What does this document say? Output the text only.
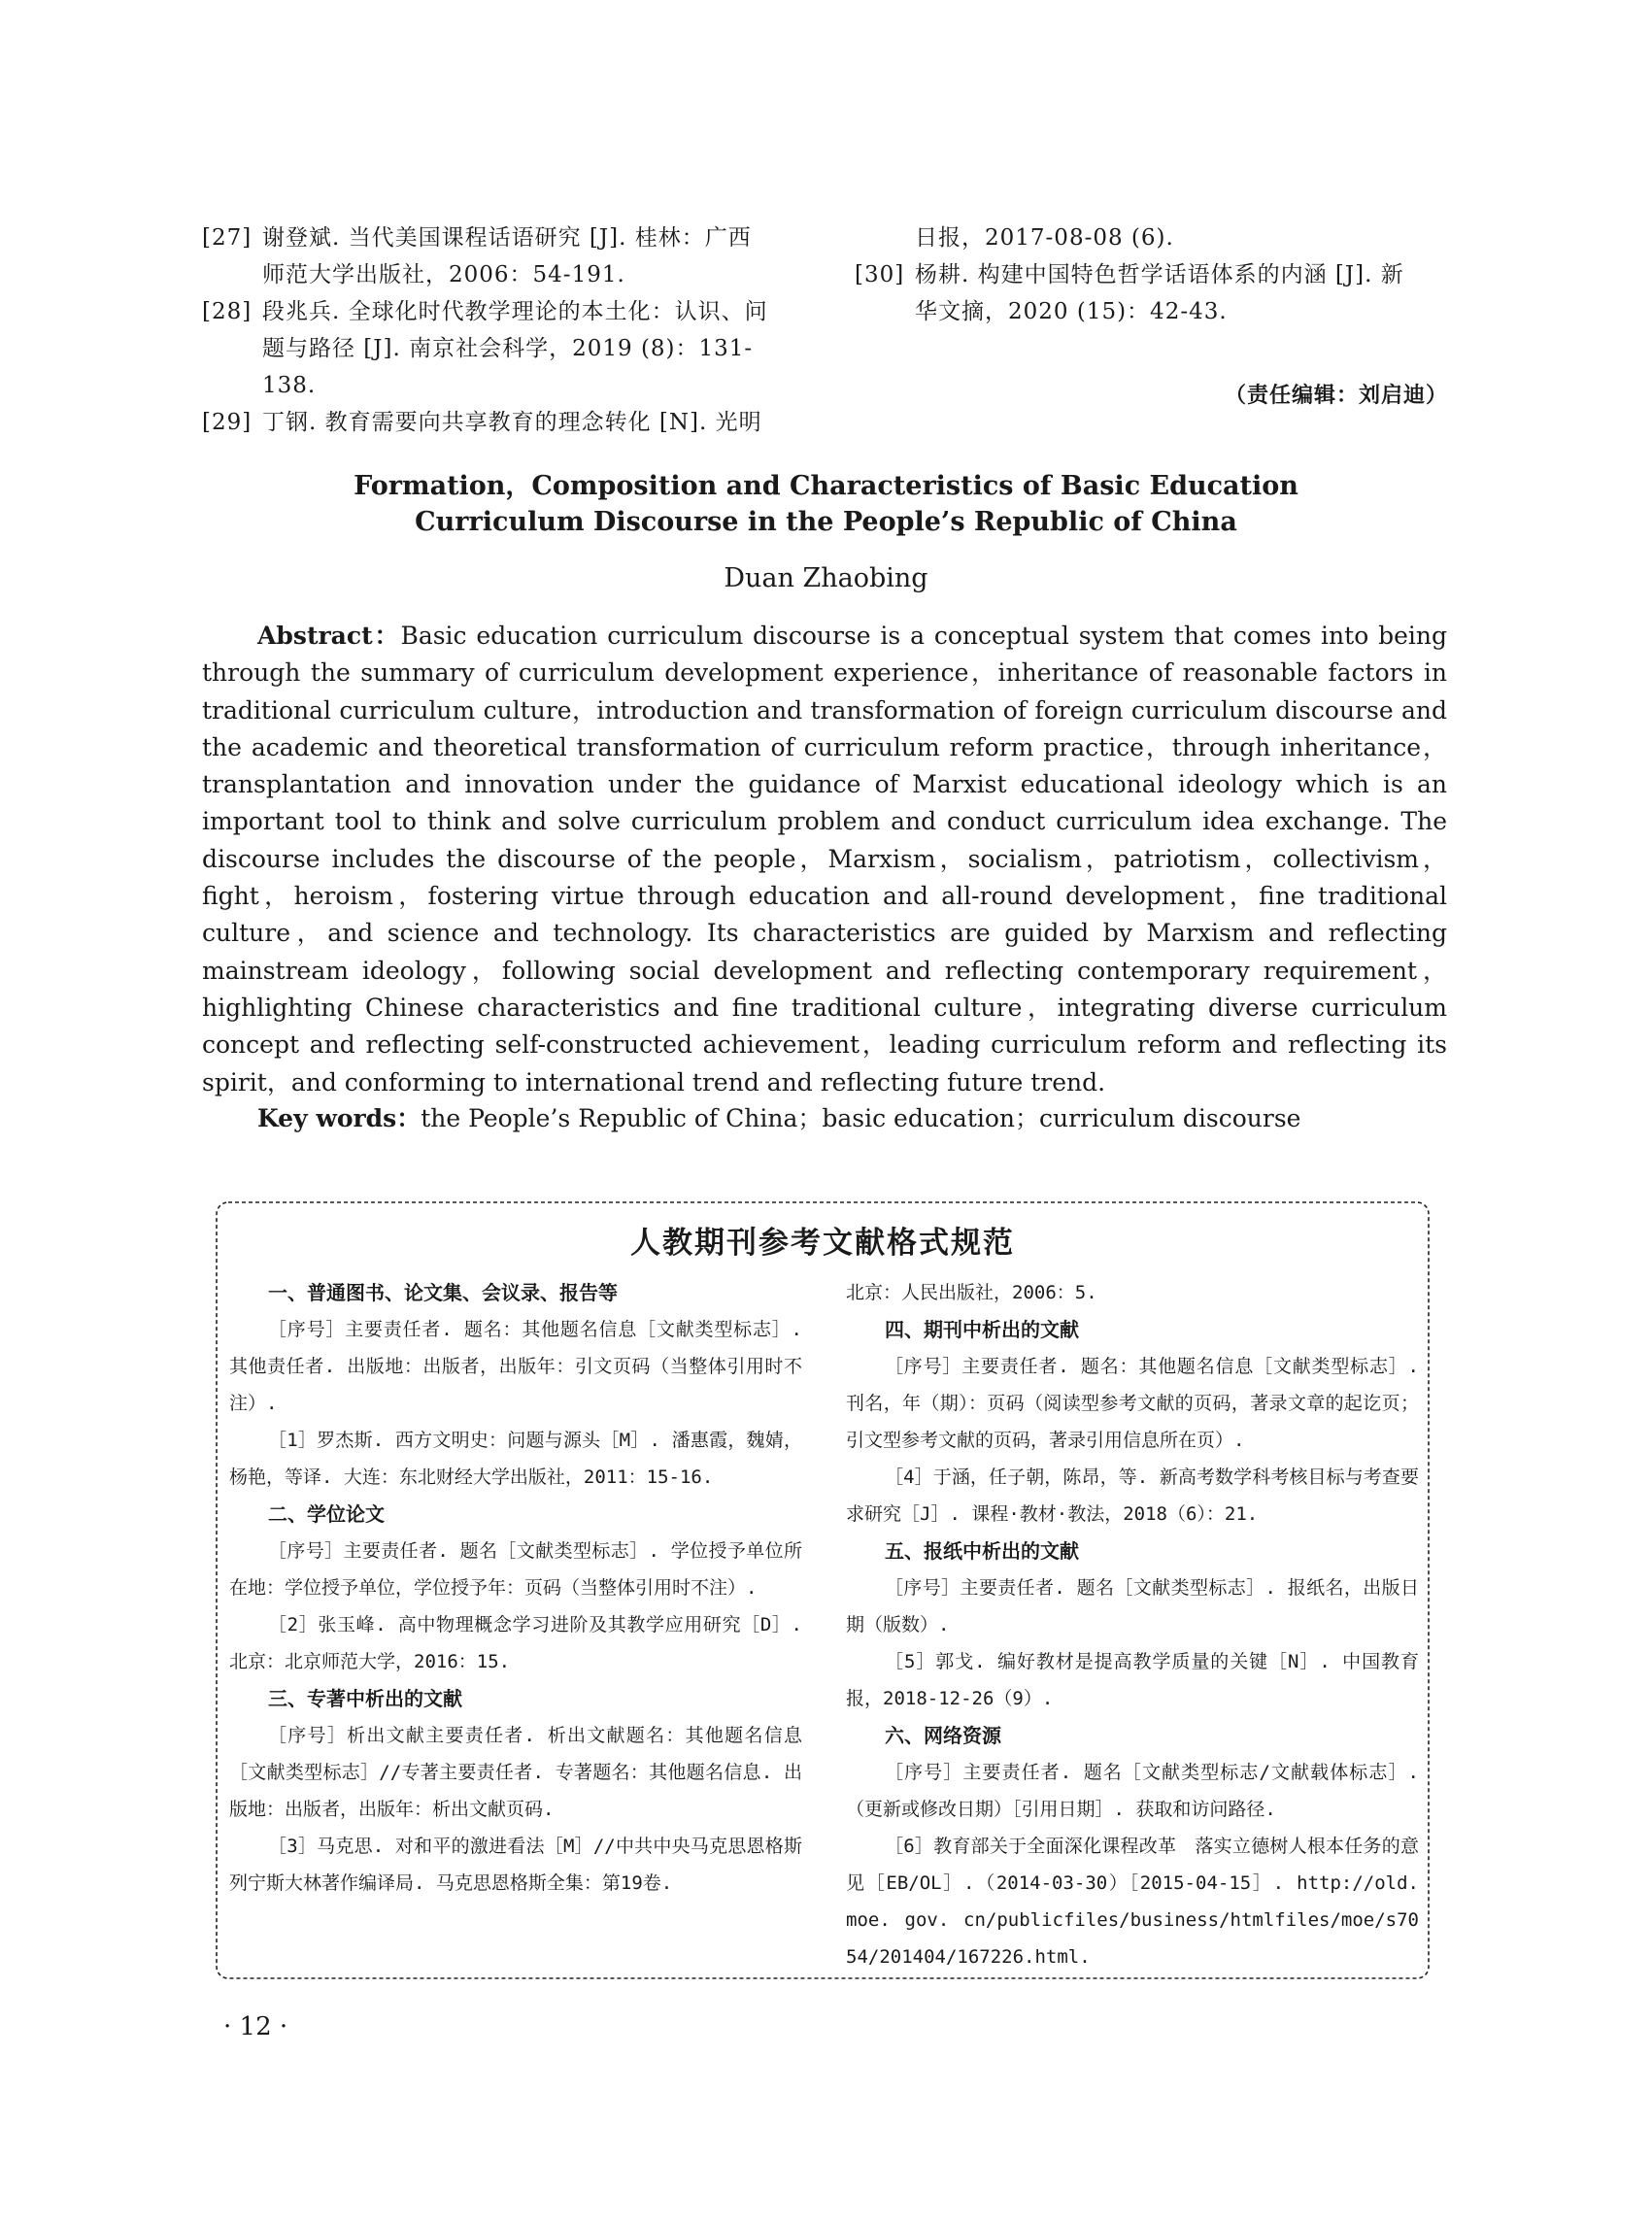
[27] 谢登斌. 当代美国课程话语研究 [J]. 桂林：广西
师范大学出版社，2006：54-191.
[28] 段兆兵. 全球化时代教学理论的本土化：认识、问
题与路径 [J]. 南京社会科学，2019 (8)：131-138.
[29] 丁钢. 教育需要向共享教育的理念转化 [N]. 光明
日报，2017-08-08 (6).
[30] 杨耕. 构建中国特色哲学话语体系的内涵 [J]. 新
华文摘，2020 (15)：42-43.
（责任编辑：刘启迪）
Formation，Composition and Characteristics of Basic Education
Curriculum Discourse in the People’s Republic of China
Duan Zhaobing

Abstract：Basic education curriculum discourse is a conceptual system that comes into being through the summary of curriculum development experience，inheritance of reasonable factors in traditional curriculum culture，introduction and transformation of foreign curriculum discourse and the academic and theoretical transformation of curriculum reform practice，through inheritance，transplantation and innovation under the guidance of Marxist educational ideology which is an important tool to think and solve curriculum problem and conduct curriculum idea exchange. The discourse includes the discourse of the people，Marxism，socialism，patriotism，collectivism，fight，heroism，fostering virtue through education and all-round development，fine traditional culture，and science and technology. Its characteristics are guided by Marxism and reflecting mainstream ideology，following social development and reflecting contemporary requirement，highlighting Chinese characteristics and fine traditional culture，integrating diverse curriculum concept and reflecting self-constructed achievement，leading curriculum reform and reflecting its spirit，and conforming to international trend and reflecting future trend.

Key words：the People’s Republic of China；basic education；curriculum discourse

人教期刊参考文献格式规范

一、普通图书、论文集、会议录、报告等

［序号］主要责任者. 题名：其他题名信息［文献类型标志］. 其他责任者. 出版地：出版者，出版年：引文页码（当整体引用时不注）.

［1］罗杰斯. 西方文明史：问题与源头［M］. 潘惠霞，魏婧，杨艳，等译. 大连：东北财经大学出版社，2011：15-16.

二、学位论文

［序号］主要责任者. 题名［文献类型标志］. 学位授予单位所在地：学位授予单位，学位授予年：页码（当整体引用时不注）.

［2］张玉峰. 高中物理概念学习进阶及其教学应用研究［D］. 北京：北京师范大学，2016：15.

三、专著中析出的文献

［序号］析出文献主要责任者. 析出文献题名：其他题名信息［文献类型标志］//专著主要责任者. 专著题名：其他题名信息. 出版地：出版者，出版年：析出文献页码.

［3］马克思. 对和平的激进看法［M］//中共中央马克思恩格斯列宁斯大林著作编译局. 马克思恩格斯全集：第19卷.

北京：人民出版社，2006：5.

四、期刊中析出的文献

［序号］主要责任者. 题名：其他题名信息［文献类型标志］. 刊名，年（期）：页码（阅读型参考文献的页码，著录文章的起讫页；引文型参考文献的页码，著录引用信息所在页）.

［4］于涵，任子朝，陈昂，等. 新高考数学科考核目标与考查要求研究［J］. 课程·教材·教法，2018（6）：21.

五、报纸中析出的文献

［序号］主要责任者. 题名［文献类型标志］. 报纸名，出版日期（版数）.

［5］郭戈. 编好教材是提高教学质量的关键［N］. 中国教育报，2018-12-26（9）.

六、网络资源

［序号］主要责任者. 题名［文献类型标志/文献载体标志］.（更新或修改日期）［引用日期］. 获取和访问路径.

［6］教育部关于全面深化课程改革　落实立德树人根本任务的意见［EB/OL］.（2014-03-30）［2015-04-15］. http://old. moe. gov. cn/publicfiles/business/htmlfiles/moe/s7054/201404/167226.html.

· 12 ·
